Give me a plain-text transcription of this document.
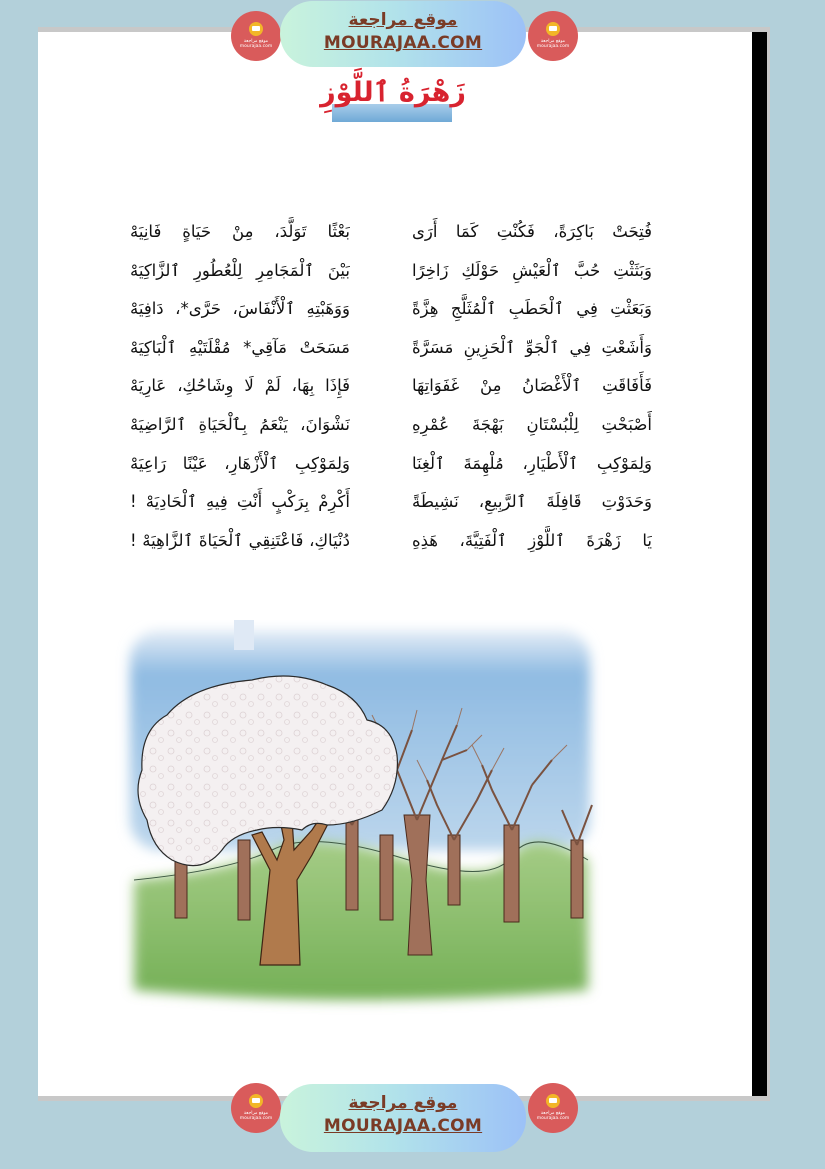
موقع مراجعة
mourajaa.com
موقع مراجعة
MOURAJAA.COM	موقع مراجعة
mourajaa.com
زَهْرَةُ ٱللَّوْزِ
فُتِحَتْ بَاكِرَةً، فَكُنْتِ كَمَا أَرَى
وَبَثَثْتِ حُبَّ ٱلْعَيْشِ حَوْلَكِ زَاخِرًا
وَبَعَثْتِ فِي ٱلْحَطَبِ ٱلْمُثَلَّجِ هِزَّةً
وَأَشَعْتِ فِي ٱلْجَوِّ ٱلْحَزِينِ مَسَرَّةً
فَأَفَاقَتِ ٱلْأَغْصَانُ مِنْ غَفَوَاتِهَا
أَصْبَحْتِ لِلْبُسْتَانِ بَهْجَةَ عُمْرِهِ
وَلِمَوْكِبِ ٱلْأَطْيَارِ، مُلْهِمَةَ ٱلْغِنَا
وَحَدَوْتِ قَافِلَةَ ٱلرَّبِيعِ، نَشِيطَةً
يَا زَهْرَةَ ٱللَّوْزِ ٱلْفَتِيَّةَ، هَذِهِ
بَعْثًا تَوَلَّدَ، مِنْ حَيَاةٍ فَانِيَهْ
بَيْنَ ٱلْمَجَامِرِ لِلْعُطُورِ ٱلزَّاكِيَهْ
وَوَهَبْتِهِ ٱلْأَنْفَاسَ، حَرَّى*، دَافِيَهْ
مَسَحَتْ مَآقِي* مُقْلَتَيْهِ ٱلْبَاكِيَهْ
فَإِذَا بِهَا، لَمْ لَا وِشَاحُكِ، عَارِيَهْ
نَشْوَانَ، يَنْعَمُ بِٱلْحَيَاةِ ٱلرَّاضِيَهْ
وَلِمَوْكِبِ ٱلْأَزْهَارِ، عَيْنًا رَاعِيَهْ
أَكْرِمْ بِرَكْبٍ أَنْتِ فِيهِ ٱلْحَادِيَهْ !
دُنْيَاكِ، فَاعْتَنِقِي ٱلْحَيَاةَ ٱلزَّاهِيَهْ !
موقع مراجعة
mourajaa.com
موقع مراجعة
MOURAJAA.COM
موقع مراجعة
mourajaa.com
